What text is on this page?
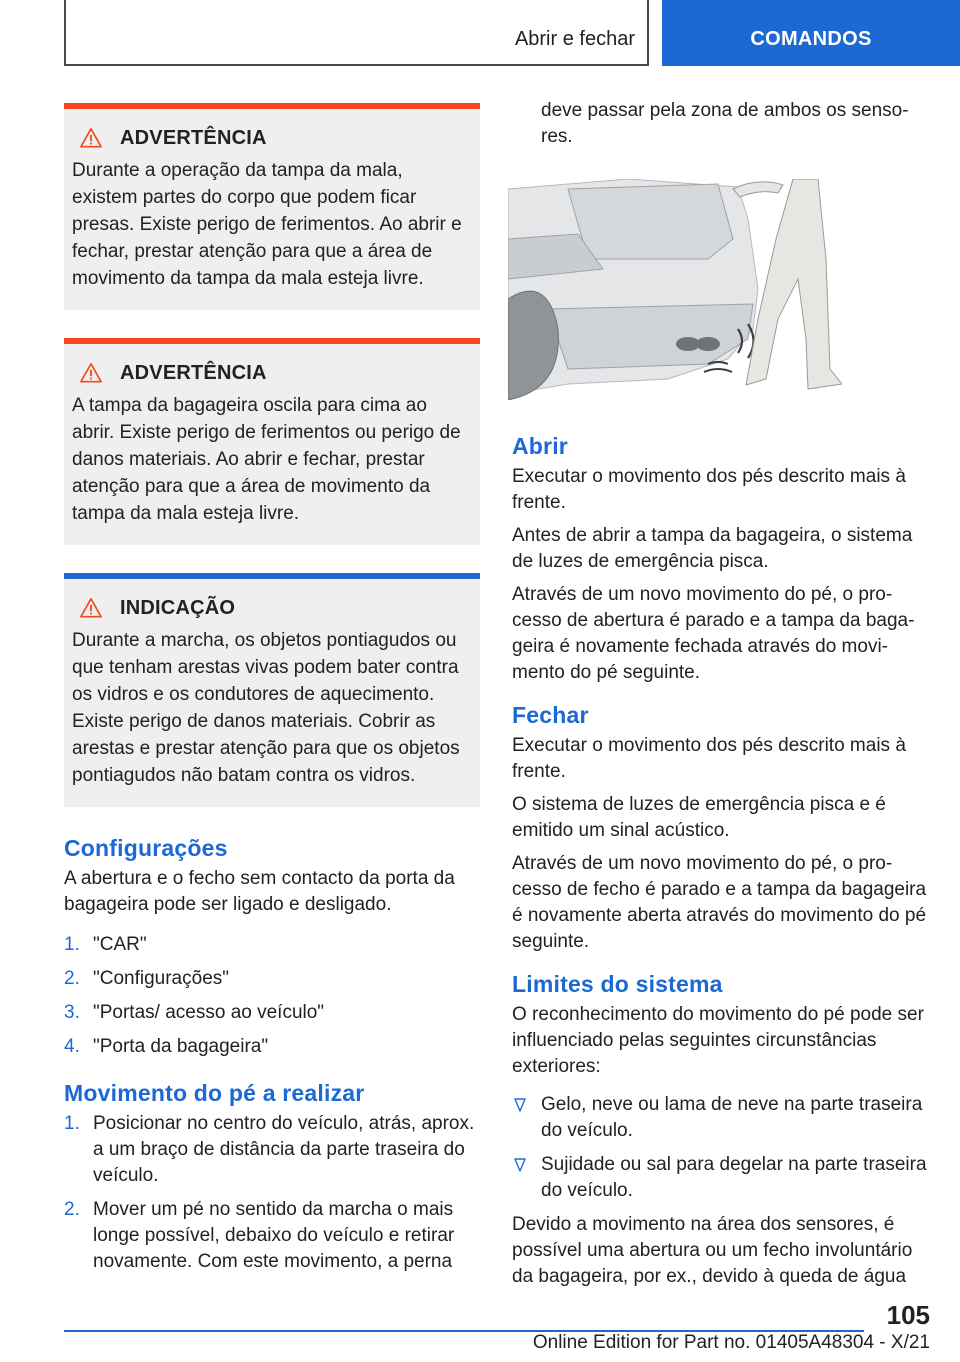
Abrir e fechar	COMANDOS
ADVERTÊNCIA
Durante a operação da tampa da mala, existem partes do corpo que podem ficar presas. Existe perigo de ferimentos. Ao abrir e fechar, prestar atenção para que a área de movimento da tampa da mala esteja livre.
ADVERTÊNCIA
A tampa da bagageira oscila para cima ao abrir. Existe perigo de ferimentos ou perigo de danos materiais. Ao abrir e fechar, prestar atenção para que a área de movimento da tampa da mala esteja livre.
INDICAÇÃO
Durante a marcha, os objetos pontiagudos ou que tenham arestas vivas podem bater contra os vidros e os condutores de aquecimento. Existe perigo de danos materiais. Cobrir as arestas e prestar atenção para que os objetos pontiagudos não batam contra os vidros.
Configurações

A abertura e o fecho sem contacto da porta da bagageira pode ser ligado e desligado.

1. "CAR"
2. "Configurações"
3. "Portas/ acesso ao veículo"
4. "Porta da bagageira"
Movimento do pé a realizar
1. Posicionar no centro do veículo, atrás, aprox. a um braço de distância da parte traseira do veículo.
2. Mover um pé no sentido da marcha o mais longe possível, debaixo do veículo e retirar novamente. Com este movimento, a perna

deve passar pela zona de ambos os senso-res.

Abrir

Executar o movimento dos pés descrito mais à frente.

Antes de abrir a tampa da bagageira, o sistema de luzes de emergência pisca.

Através de um novo movimento do pé, o pro-cesso de abertura é parado e a tampa da baga-geira é novamente fechada através do movi-mento do pé seguinte.

Fechar

Executar o movimento dos pés descrito mais à frente.

O sistema de luzes de emergência pisca e é emitido um sinal acústico.

Através de um novo movimento do pé, o pro-cesso de fecho é parado e a tampa da bagageira é novamente aberta através do movimento do pé seguinte.

Limites do sistema

O reconhecimento do movimento do pé pode ser influenciado pelas seguintes circunstâncias exteriores:

Gelo, neve ou lama de neve na parte traseira do veículo.
Sujidade ou sal para degelar na parte traseira do veículo.

Devido a movimento na área dos sensores, é possível uma abertura ou um fecho involuntário da bagageira, por ex., devido à queda de água

105
Online Edition for Part no. 01405A48304 - X/21
